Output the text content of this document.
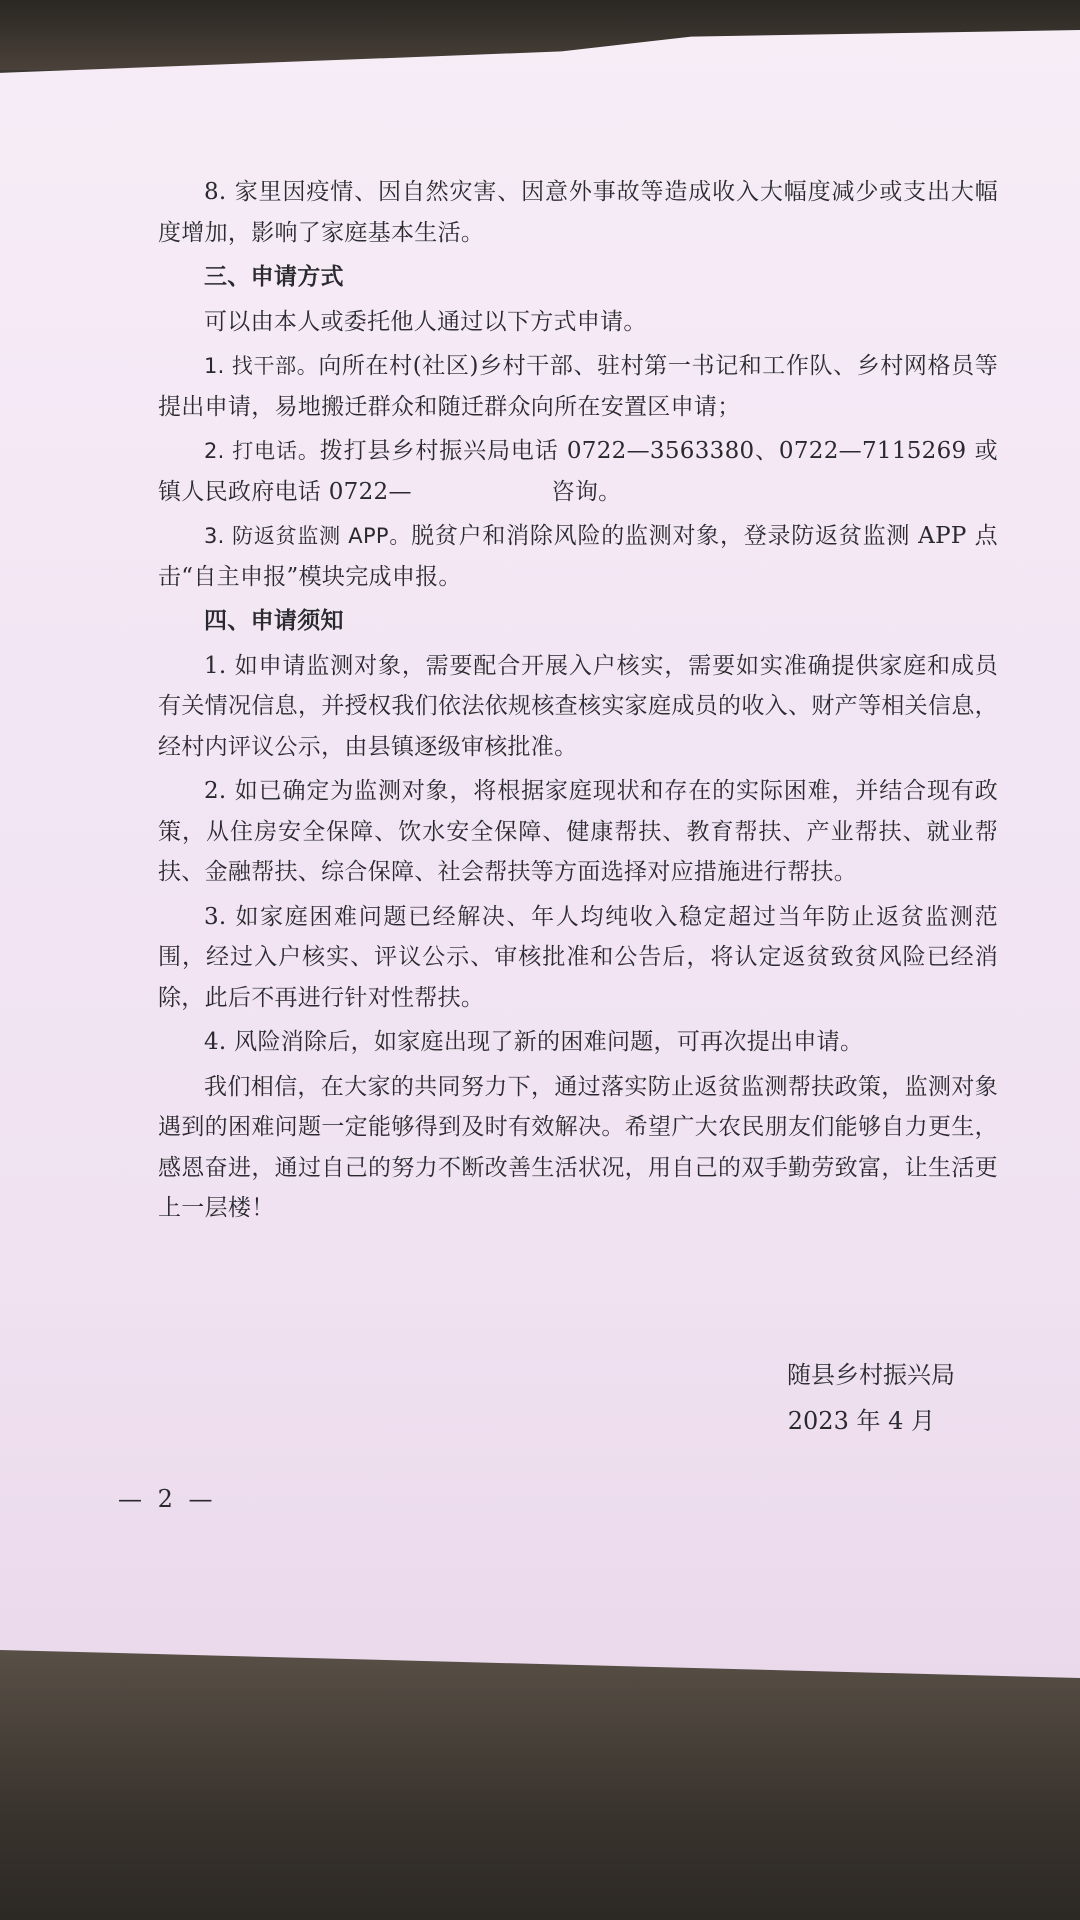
8. 家里因疫情、因自然灾害、因意外事故等造成收入大幅度减少或支出大幅度增加，影响了家庭基本生活。

三、申请方式

可以由本人或委托他人通过以下方式申请。

1. 找干部。向所在村(社区)乡村干部、驻村第一书记和工作队、乡村网格员等提出申请，易地搬迁群众和随迁群众向所在安置区申请；

2. 打电话。拨打县乡村振兴局电话 0722—3563380、0722—7115269 或镇人民政府电话 0722—　　　　　　咨询。

3. 防返贫监测 APP。脱贫户和消除风险的监测对象，登录防返贫监测 APP 点击“自主申报”模块完成申报。

四、申请须知

1. 如申请监测对象，需要配合开展入户核实，需要如实准确提供家庭和成员有关情况信息，并授权我们依法依规核查核实家庭成员的收入、财产等相关信息，经村内评议公示，由县镇逐级审核批准。

2. 如已确定为监测对象，将根据家庭现状和存在的实际困难，并结合现有政策，从住房安全保障、饮水安全保障、健康帮扶、教育帮扶、产业帮扶、就业帮扶、金融帮扶、综合保障、社会帮扶等方面选择对应措施进行帮扶。

3. 如家庭困难问题已经解决、年人均纯收入稳定超过当年防止返贫监测范围，经过入户核实、评议公示、审核批准和公告后，将认定返贫致贫风险已经消除，此后不再进行针对性帮扶。

4. 风险消除后，如家庭出现了新的困难问题，可再次提出申请。

我们相信，在大家的共同努力下，通过落实防止返贫监测帮扶政策，监测对象遇到的困难问题一定能够得到及时有效解决。希望广大农民朋友们能够自力更生，感恩奋进，通过自己的努力不断改善生活状况，用自己的双手勤劳致富，让生活更上一层楼！

随县乡村振兴局
2023 年 4 月
— 2 —
